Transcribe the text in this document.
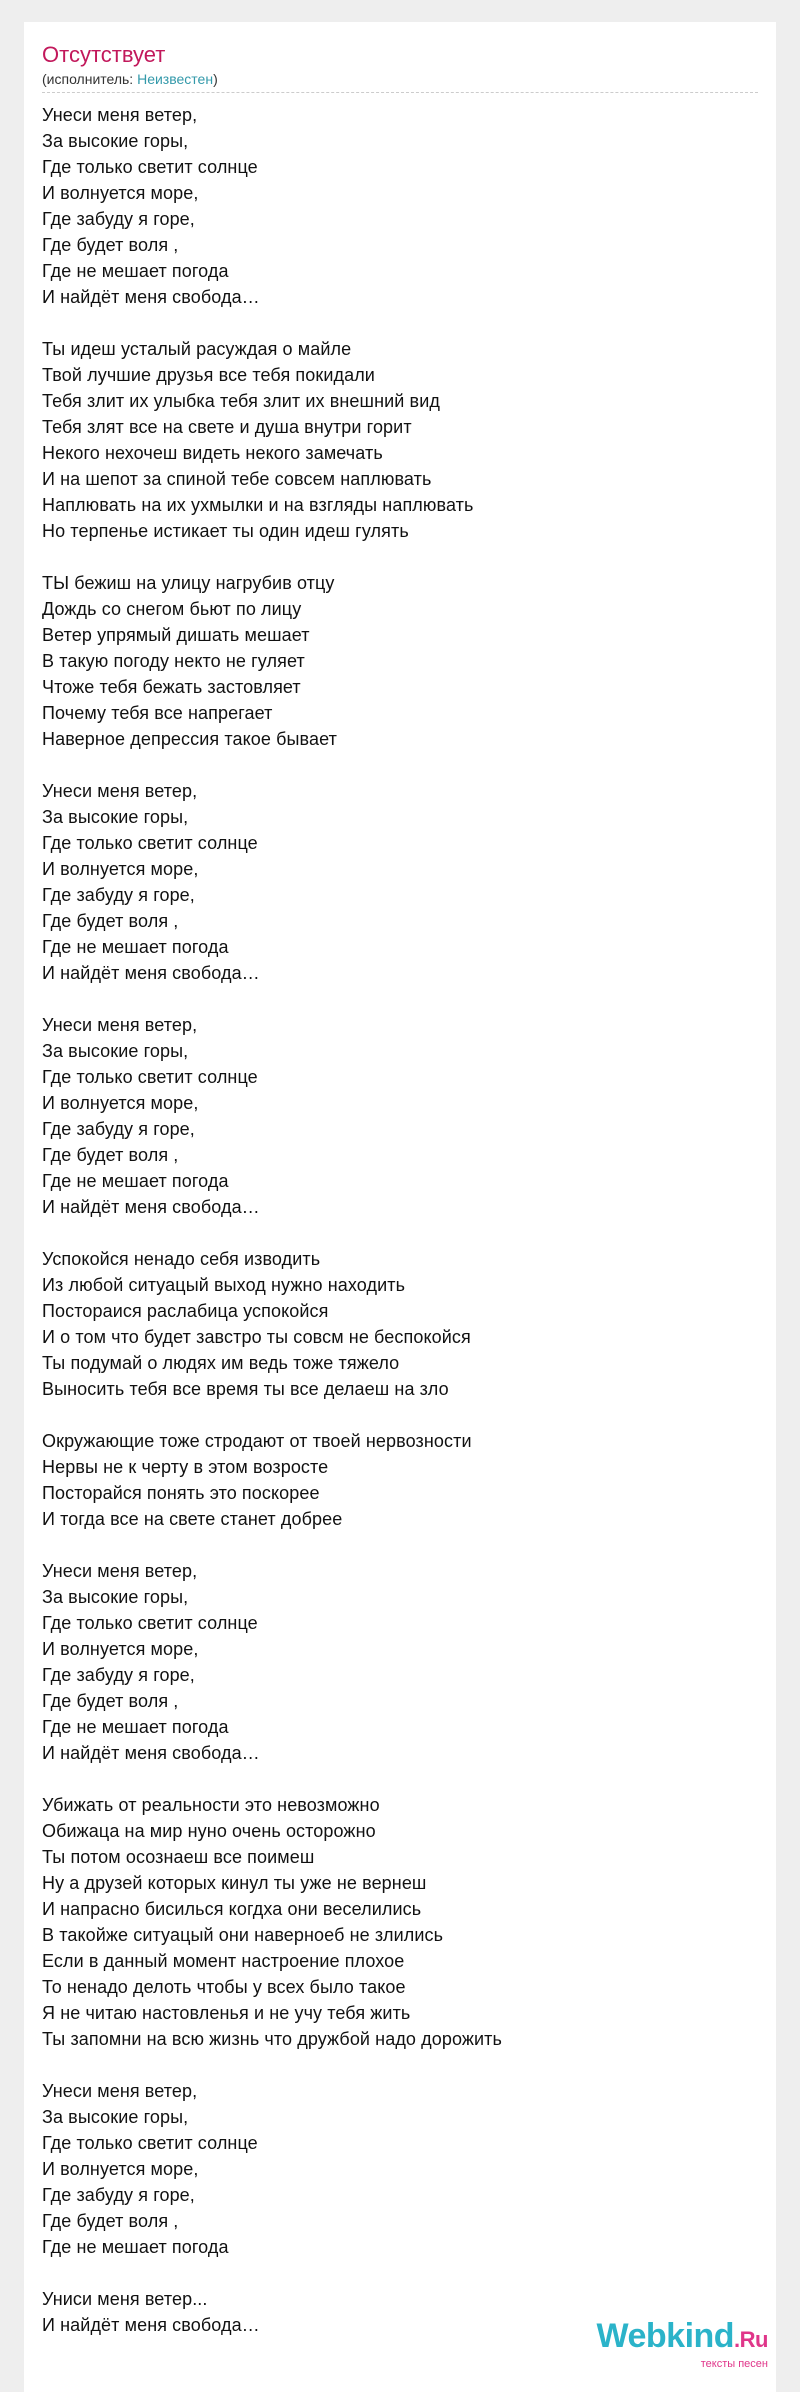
Отсутствует
(исполнитель: Неизвестен)
Унеси меня ветер,
За высокие горы,
Где только светит солнце
И волнуется море,
Где забуду я горе,
Где будет воля ,
Где не мешает погода
И найдёт меня свобода…
Ты идеш усталый расуждая о майле
Твой лучшие друзья все тебя покидали
Тебя злит их улыбка тебя злит их внешний вид
Тебя злят все на свете и душа внутри горит
Некого нехочеш видеть некого замечать
И на шепот за спиной тебе совсем наплювать
Наплювать на их ухмылки и на взгляды наплювать
Но терпенье истикает ты один идеш гулять
ТЫ бежиш на улицу нагрубив отцу
Дождь со снегом бьют по лицу
Ветер упрямый дишать мешает
В такую погоду некто не гуляет
Чтоже тебя бежать застовляет
Почему тебя все напрегает
Наверное депрессия такое бывает
Унеси меня ветер,
За высокие горы,
Где только светит солнце
И волнуется море,
Где забуду я горе,
Где будет воля ,
Где не мешает погода
И найдёт меня свобода…
Унеси меня ветер,
За высокие горы,
Где только светит солнце
И волнуется море,
Где забуду я горе,
Где будет воля ,
Где не мешает погода
И найдёт меня свобода…
Успокойся ненадо себя изводить
Из любой ситуацый выход нужно находить
Постораися раслабица успокойся
И о том что будет завстро ты совсм не беспокойся
Ты подумай о людях им ведь тоже тяжело
Выносить тебя все время ты все делаеш на зло
Окружающие тоже стродают от твоей нервозности
Нервы не к черту в этом возросте
Посторайся понять это поскорее
И тогда все на свете станет добрее
Унеси меня ветер,
За высокие горы,
Где только светит солнце
И волнуется море,
Где забуду я горе,
Где будет воля ,
Где не мешает погода
И найдёт меня свобода…
Убижать от реальности это невозможно
Обижаца на мир нуно очень осторожно
Ты потом осознаеш все поимеш
Ну а друзей которых кинул ты уже не вернеш
И напрасно бисилься когдха они веселились
В такойже ситуацый они наверноеб не злились
Если в данный момент настроение плохое
То ненадо делоть чтобы у всех было такое
Я не читаю настовленья и не учу тебя жить
Ты запомни на всю жизнь что дружбой надо дорожить
Унеси меня ветер,
За высокие горы,
Где только светит солнце
И волнуется море,
Где забуду я горе,
Где будет воля ,
Где не мешает погода
Униси меня ветер...
И найдёт меня свобода…	Webkind.Ru
тексты песен
